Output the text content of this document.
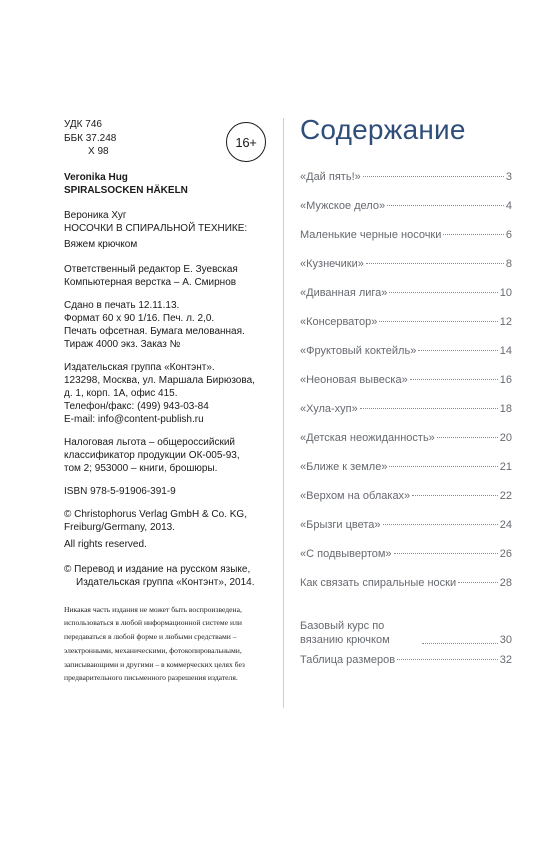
УДК 746
ББК 37.248
Х 98
Veronika Hug
SPIRALSOCKEN HÄKELN
Вероника Хуг
НОСОЧКИ В СПИРАЛЬНОЙ ТЕХНИКЕ:
Вяжем крючком
Ответственный редактор Е. Зуевская
Компьютерная верстка – А. Смирнов
Сдано в печать 12.11.13.
Формат 60 х 90 1/16. Печ. л. 2,0.
Печать офсетная. Бумага мелованная.
Тираж 4000 экз. Заказ №
Издательская группа «Контэнт».
123298, Москва, ул. Маршала Бирюзова,
д. 1, корп. 1А, офис 415.
Телефон/факс: (499) 943-03-84
E-mail: info@content-publish.ru
Налоговая льгота – общероссийский
классификатор продукции ОК-005-93,
том 2; 953000 – книги, брошюры.
ISBN 978-5-91906-391-9
© Christophorus Verlag GmbH & Co. KG,
Freiburg/Germany, 2013.
All rights reserved.
© Перевод и издание на русском языке,
Издательская группа «Контэнт», 2014.
Никакая часть издания не может быть воспроизведена,
использоваться в любой информационной системе или
передаваться в любой форме и любыми средствами –
электронными, механическими, фотокопировальными,
записывающими и другими – в коммерческих целях без
предварительного письменного разрешения издателя.
16+	Содержание
«Дай пять!»	3
«Мужское дело»	4
Маленькие черные носочки	6
«Кузнечики»	8
«Диванная лига»	10
«Консерватор»	12
«Фруктовый коктейль»	14
«Неоновая вывеска»	16
«Хула-хуп»	18
«Детская неожиданность»	20
«Ближе к земле»	21
«Верхом на облаках»	22
«Брызги цвета»	24
«С подвывертом»	26
Как связать спиральные носки	28
Базовый курс по вязанию крючком	30
Таблица размеров	32
